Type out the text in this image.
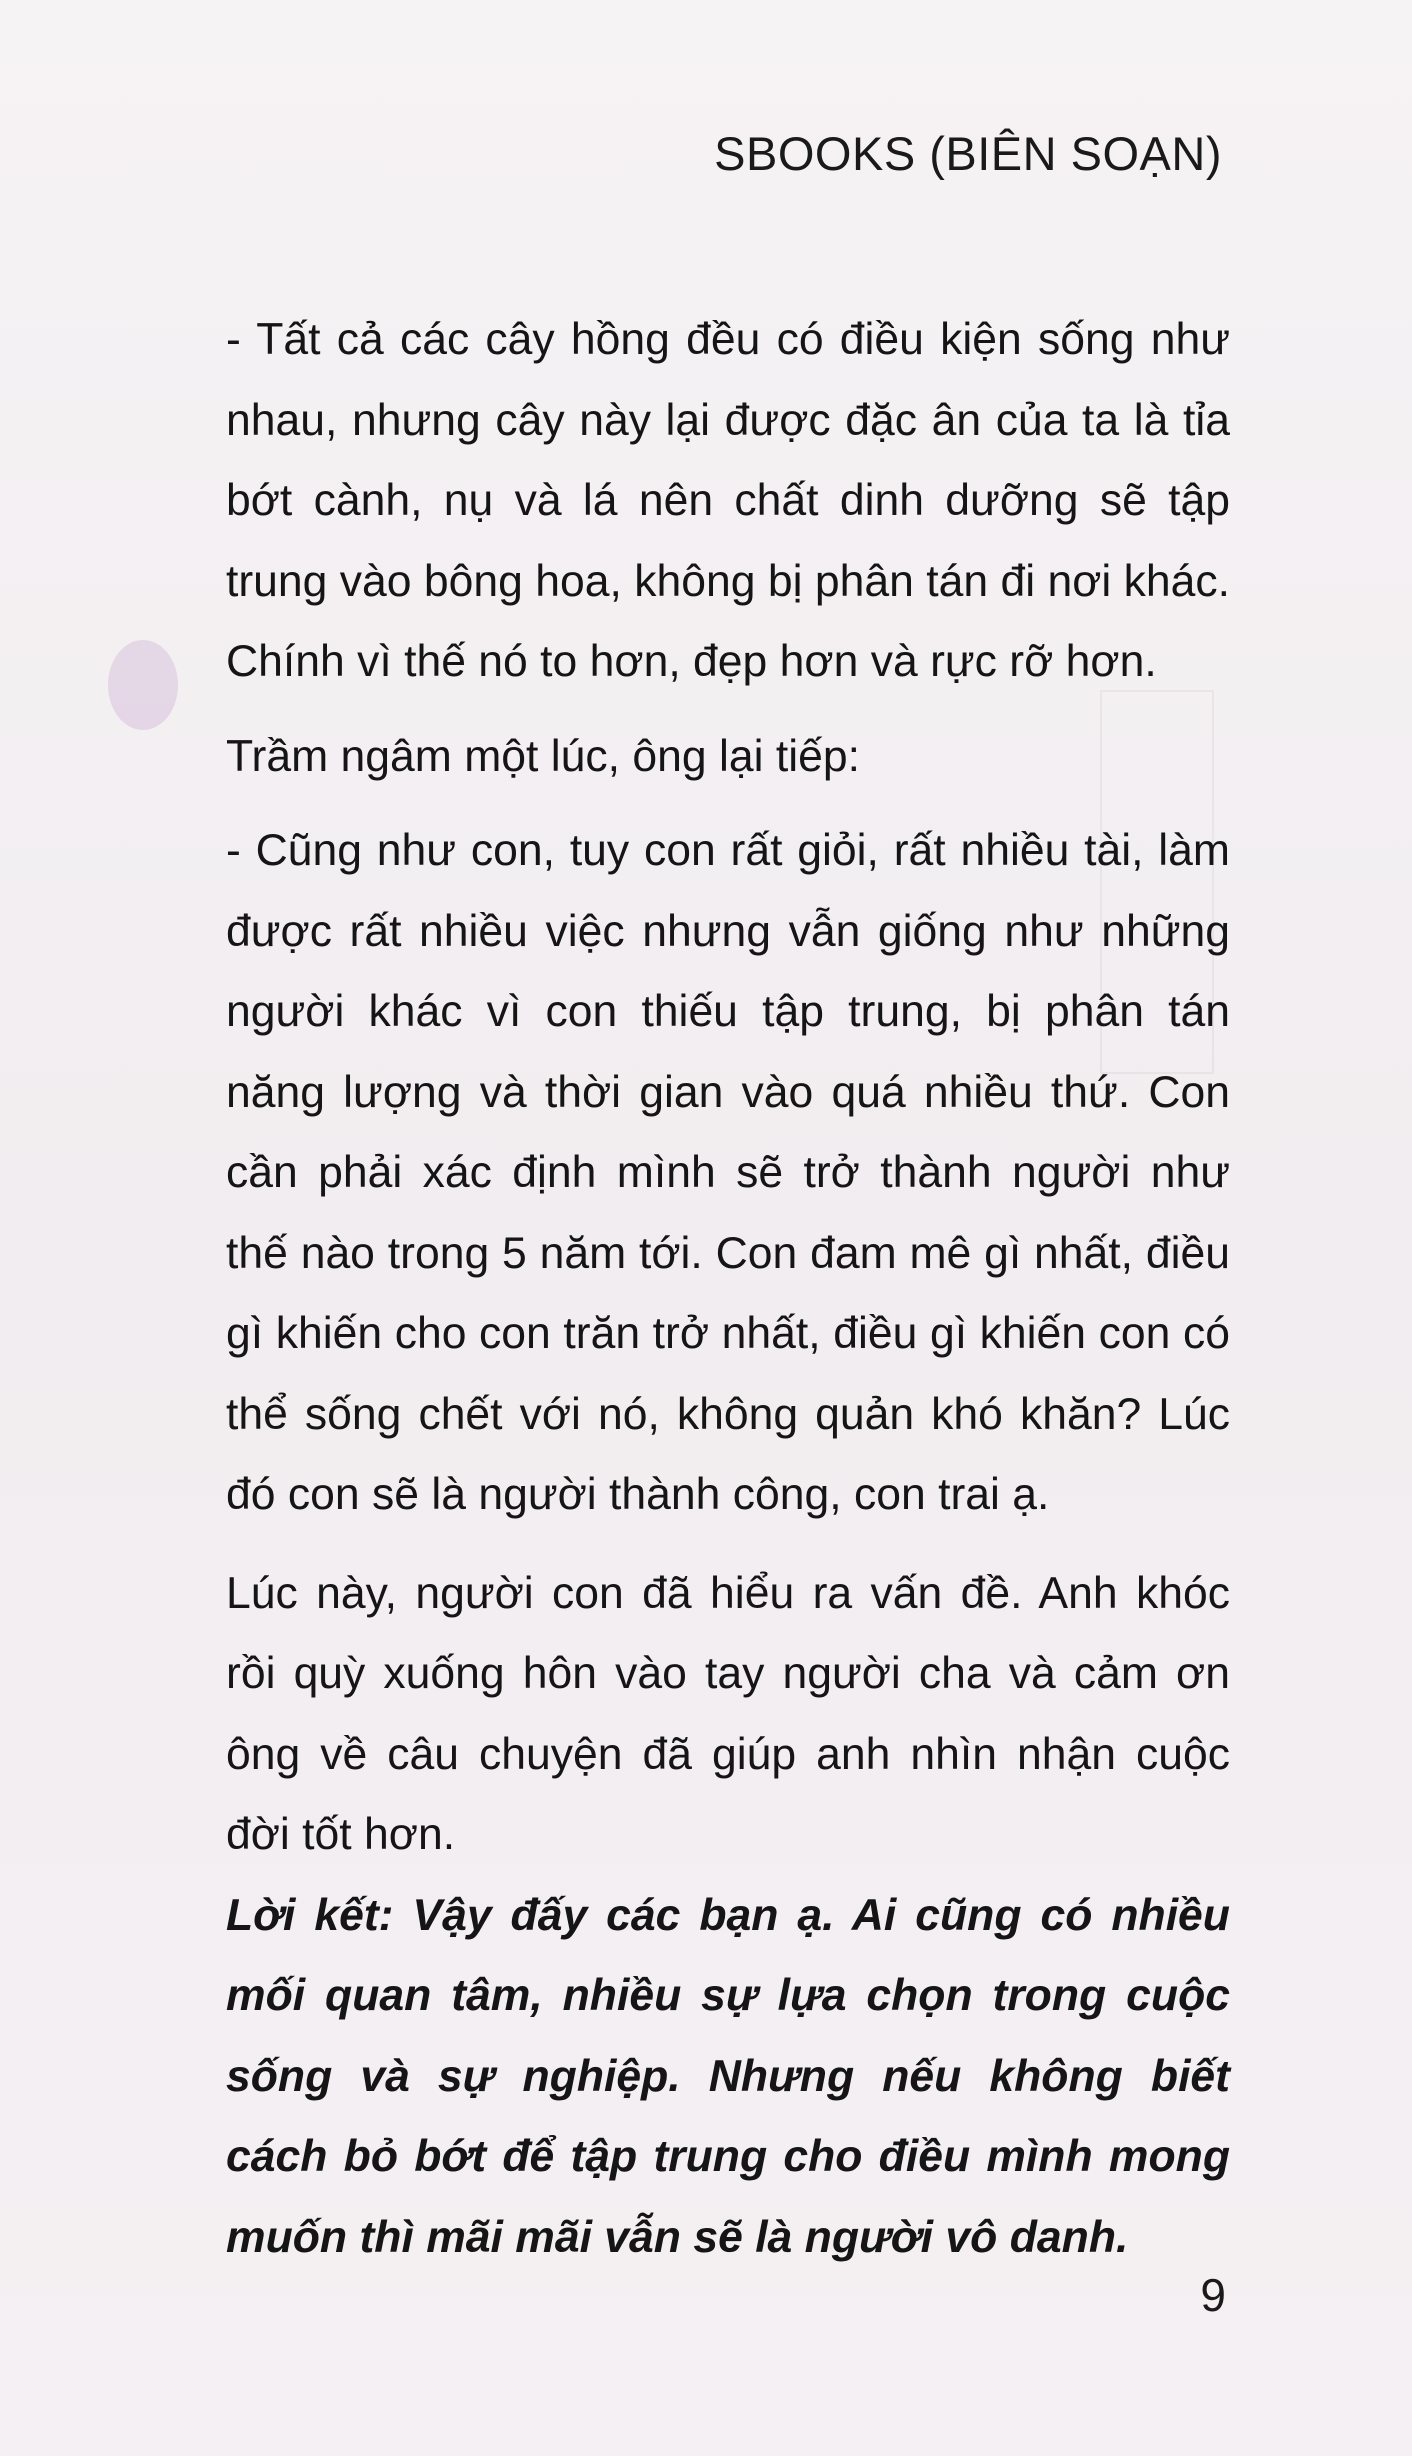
SBOOKS (BIÊN SOẠN)

- Tất cả các cây hồng đều có điều kiện sống như nhau, nhưng cây này lại được đặc ân của ta là tỉa bớt cành, nụ và lá nên chất dinh dưỡng sẽ tập trung vào bông hoa, không bị phân tán đi nơi khác. Chính vì thế nó to hơn, đẹp hơn và rực rỡ hơn.

Trầm ngâm một lúc, ông lại tiếp:

- Cũng như con, tuy con rất giỏi, rất nhiều tài, làm được rất nhiều việc nhưng vẫn giống như những người khác vì con thiếu tập trung, bị phân tán năng lượng và thời gian vào quá nhiều thứ. Con cần phải xác định mình sẽ trở thành người như thế nào trong 5 năm tới. Con đam mê gì nhất, điều gì khiến cho con trăn trở nhất, điều gì khiến con có thể sống chết với nó, không quản khó khăn? Lúc đó con sẽ là người thành công, con trai ạ.

Lúc này, người con đã hiểu ra vấn đề. Anh khóc rồi quỳ xuống hôn vào tay người cha và cảm ơn ông về câu chuyện đã giúp anh nhìn nhận cuộc đời tốt hơn.

Lời kết: Vậy đấy các bạn ạ. Ai cũng có nhiều mối quan tâm, nhiều sự lựa chọn trong cuộc sống và sự nghiệp. Nhưng nếu không biết cách bỏ bớt để tập trung cho điều mình mong muốn thì mãi mãi vẫn sẽ là người vô danh.

9
